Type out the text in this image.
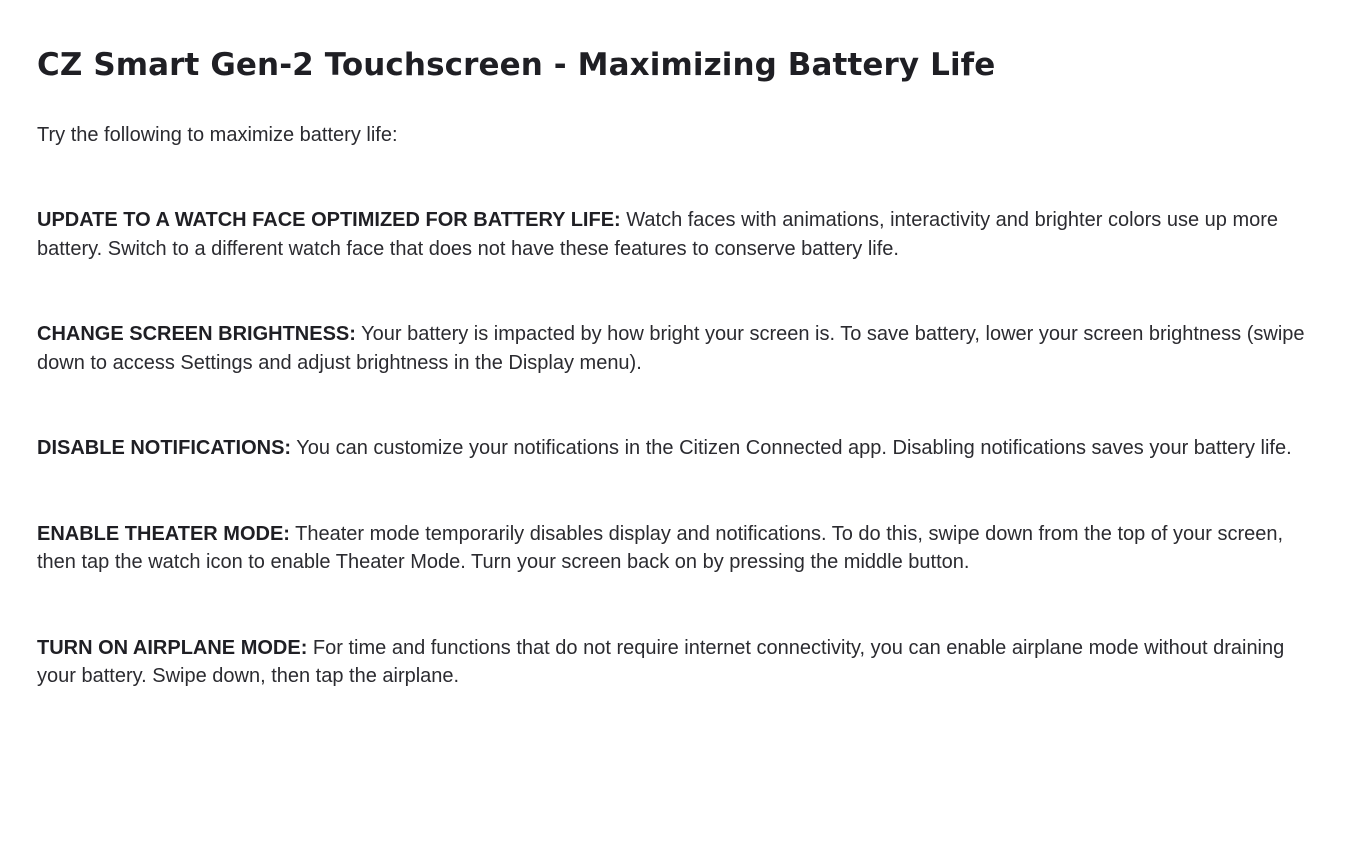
CZ Smart Gen-2 Touchscreen - Maximizing Battery Life

Try the following to maximize battery life:

UPDATE TO A WATCH FACE OPTIMIZED FOR BATTERY LIFE: Watch faces with animations, interactivity and brighter colors use up more battery. Switch to a different watch face that does not have these features to conserve battery life.

CHANGE SCREEN BRIGHTNESS: Your battery is impacted by how bright your screen is. To save battery, lower your screen brightness (swipe down to access Settings and adjust brightness in the Display menu).

DISABLE NOTIFICATIONS: You can customize your notifications in the Citizen Connected app. Disabling notifications saves your battery life.

ENABLE THEATER MODE: Theater mode temporarily disables display and notifications. To do this, swipe down from the top of your screen, then tap the watch icon to enable Theater Mode. Turn your screen back on by pressing the middle button.

TURN ON AIRPLANE MODE: For time and functions that do not require internet connectivity, you can enable airplane mode without draining your battery. Swipe down, then tap the airplane.
